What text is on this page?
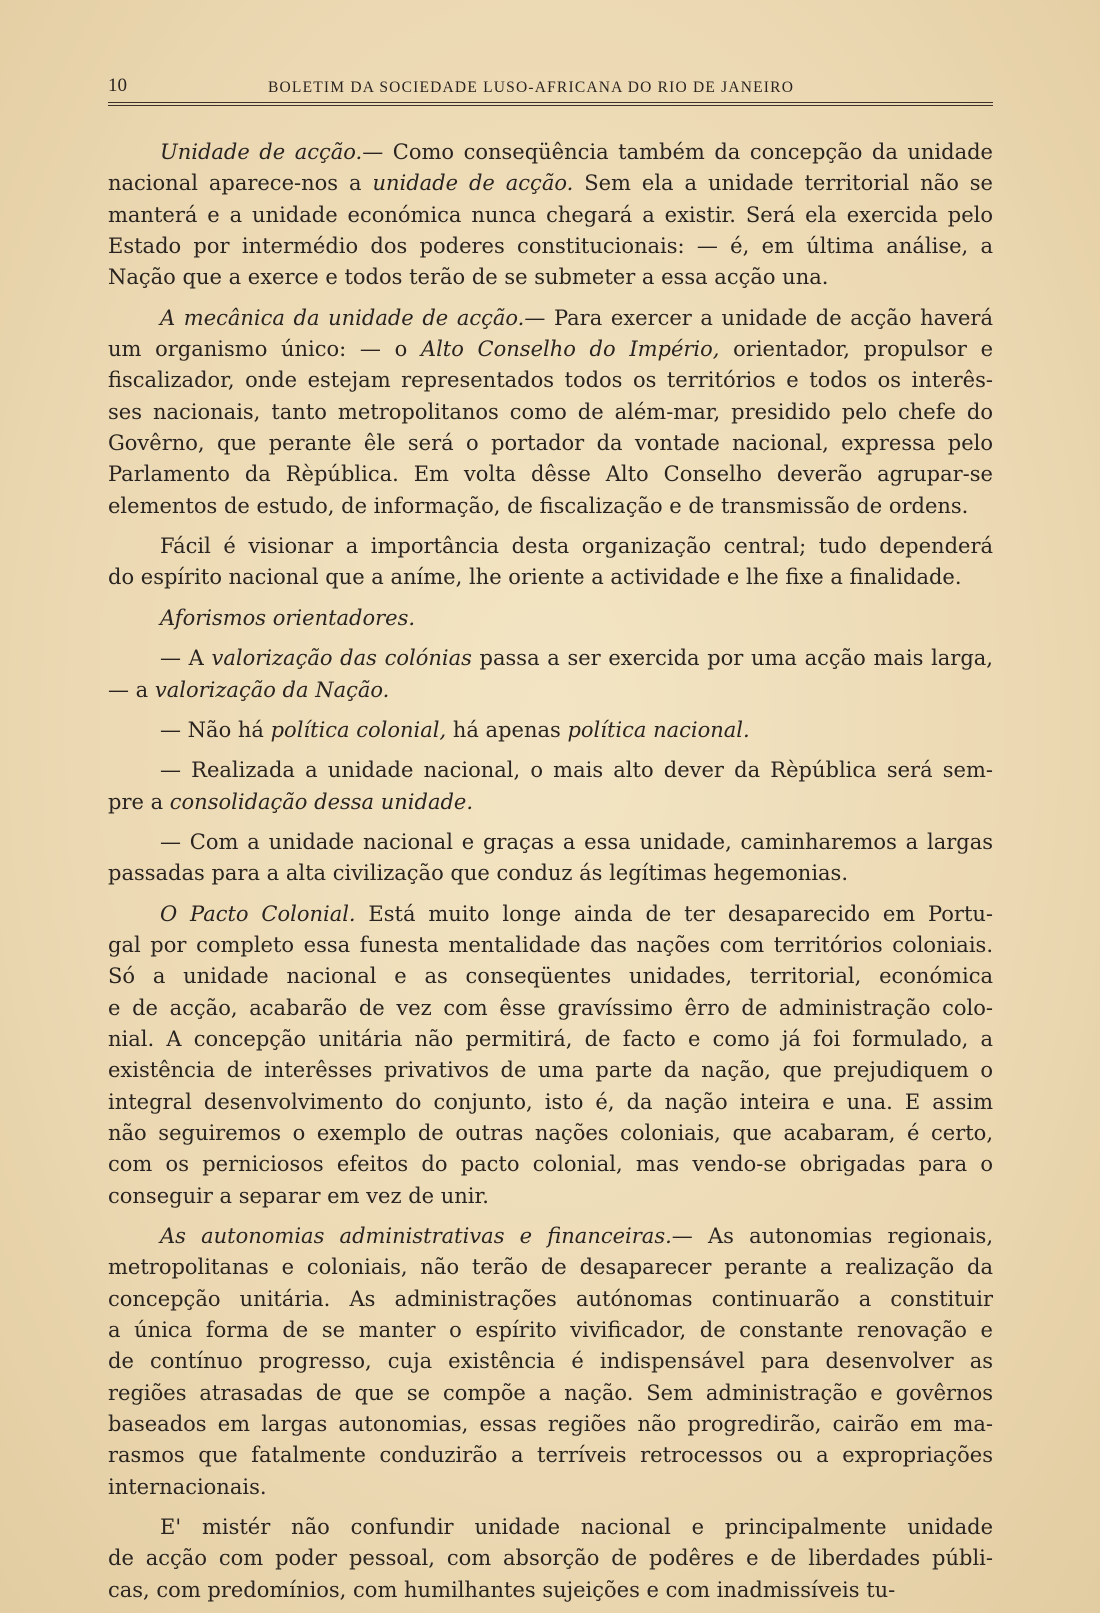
10	BOLETIM DA SOCIEDADE LUSO-AFRICANA DO RIO DE JANEIRO

Unidade de acção.— Como conseqüência também da concepção da unidade
nacional aparece-nos a unidade de acção. Sem ela a unidade territorial não se
manterá e a unidade económica nunca chegará a existir. Será ela exercida pelo
Estado por intermédio dos poderes constitucionais: — é, em última análise, a
Nação que a exerce e todos terão de se submeter a essa acção una.

A mecânica da unidade de acção.— Para exercer a unidade de acção haverá
um organismo único: — o Alto Conselho do Império, orientador, propulsor e
fiscalizador, onde estejam representados todos os territórios e todos os interês-
ses nacionais, tanto metropolitanos como de além-mar, presidido pelo chefe do
Govêrno, que perante êle será o portador da vontade nacional, expressa pelo
Parlamento da Rèpública. Em volta dêsse Alto Conselho deverão agrupar-se
elementos de estudo, de informação, de fiscalização e de transmissão de ordens.

Fácil é visionar a importância desta organização central; tudo dependerá
do espírito nacional que a aníme, lhe oriente a actividade e lhe fixe a finalidade.

Aforismos orientadores.

— A valorização das colónias passa a ser exercida por uma acção mais larga,
— a valorização da Nação.

— Não há política colonial, há apenas política nacional.

— Realizada a unidade nacional, o mais alto dever da Rèpública será sem-
pre a consolidação dessa unidade.

— Com a unidade nacional e graças a essa unidade, caminharemos a largas
passadas para a alta civilização que conduz ás legítimas hegemonias.

O Pacto Colonial. Está muito longe ainda de ter desaparecido em Portu-
gal por completo essa funesta mentalidade das nações com territórios coloniais.
Só a unidade nacional e as conseqüentes unidades, territorial, económica
e de acção, acabarão de vez com êsse gravíssimo êrro de administração colo-
nial. A concepção unitária não permitirá, de facto e como já foi formulado, a
existência de interêsses privativos de uma parte da nação, que prejudiquem o
integral desenvolvimento do conjunto, isto é, da nação inteira e una. E assim
não seguiremos o exemplo de outras nações coloniais, que acabaram, é certo,
com os perniciosos efeitos do pacto colonial, mas vendo-se obrigadas para o
conseguir a separar em vez de unir.

As autonomias administrativas e financeiras.— As autonomias regionais,
metropolitanas e coloniais, não terão de desaparecer perante a realização da
concepção unitária. As administrações autónomas continuarão a constituir
a única forma de se manter o espírito vivificador, de constante renovação e
de contínuo progresso, cuja existência é indispensável para desenvolver as
regiões atrasadas de que se compõe a nação. Sem administração e govêrnos
baseados em largas autonomias, essas regiões não progredirão, cairão em ma-
rasmos que fatalmente conduzirão a terríveis retrocessos ou a expropriações
internacionais.

E' mistér não confundir unidade nacional e principalmente unidade
de acção com poder pessoal, com absorção de podêres e de liberdades públi-
cas, com predomínios, com humilhantes sujeições e com inadmissíveis tu-
